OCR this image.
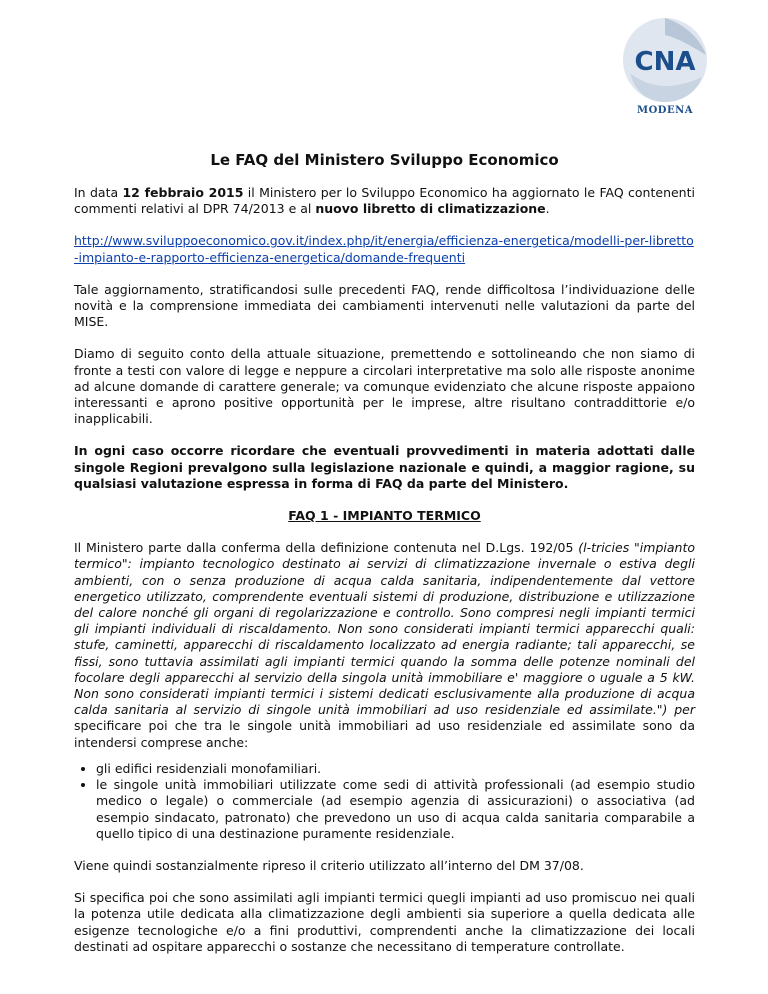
CNA
MODENA
Le FAQ del Ministero Sviluppo Economico

In data 12 febbraio 2015 il Ministero per lo Sviluppo Economico ha aggiornato le FAQ contenenti commenti relativi al DPR 74/2013 e al nuovo libretto di climatizzazione.

http://www.sviluppoeconomico.gov.it/index.php/it/energia/efficienza-energetica/modelli-per-libretto-impianto-e-rapporto-efficienza-energetica/domande-frequenti

Tale aggiornamento, stratificandosi sulle precedenti FAQ, rende difficoltosa l’individuazione delle novità e la comprensione immediata dei cambiamenti intervenuti nelle valutazioni da parte del MISE.

Diamo di seguito conto della attuale situazione, premettendo e sottolineando che non siamo di fronte a testi con valore di legge e neppure a circolari interpretative ma solo alle risposte anonime ad alcune domande di carattere generale; va comunque evidenziato che alcune risposte appaiono interessanti e aprono positive opportunità per le imprese, altre risultano contraddittorie e/o inapplicabili.

In ogni caso occorre ricordare che eventuali provvedimenti in materia adottati dalle singole Regioni prevalgono sulla legislazione nazionale e quindi, a maggior ragione, su qualsiasi valutazione espressa in forma di FAQ da parte del Ministero.

FAQ 1 - IMPIANTO TERMICO

Il Ministero parte dalla conferma della definizione contenuta nel D.Lgs. 192/05 (l-tricies "impianto termico": impianto tecnologico destinato ai servizi di climatizzazione invernale o estiva degli ambienti, con o senza produzione di acqua calda sanitaria, indipendentemente dal vettore energetico utilizzato, comprendente eventuali sistemi di produzione, distribuzione e utilizzazione del calore nonché gli organi di regolarizzazione e controllo. Sono compresi negli impianti termici gli impianti individuali di riscaldamento. Non sono considerati impianti termici apparecchi quali: stufe, caminetti, apparecchi di riscaldamento localizzato ad energia radiante; tali apparecchi, se fissi, sono tuttavia assimilati agli impianti termici quando la somma delle potenze nominali del focolare degli apparecchi al servizio della singola unità immobiliare e' maggiore o uguale a 5 kW. Non sono considerati impianti termici i sistemi dedicati esclusivamente alla produzione di acqua calda sanitaria al servizio di singole unità immobiliari ad uso residenziale ed assimilate.") per specificare poi che tra le singole unità immobiliari ad uso residenziale ed assimilate sono da intendersi comprese anche:

• gli edifici residenziali monofamiliari.
• le singole unità immobiliari utilizzate come sedi di attività professionali (ad esempio studio medico o legale) o commerciale (ad esempio agenzia di assicurazioni) o associativa (ad esempio sindacato, patronato) che prevedono un uso di acqua calda sanitaria comparabile a quello tipico di una destinazione puramente residenziale.

Viene quindi sostanzialmente ripreso il criterio utilizzato all’interno del DM 37/08.

Si specifica poi che sono assimilati agli impianti termici quegli impianti ad uso promiscuo nei quali la potenza utile dedicata alla climatizzazione degli ambienti sia superiore a quella dedicata alle esigenze tecnologiche e/o a fini produttivi, comprendenti anche la climatizzazione dei locali destinati ad ospitare apparecchi o sostanze che necessitano di temperature controllate.
